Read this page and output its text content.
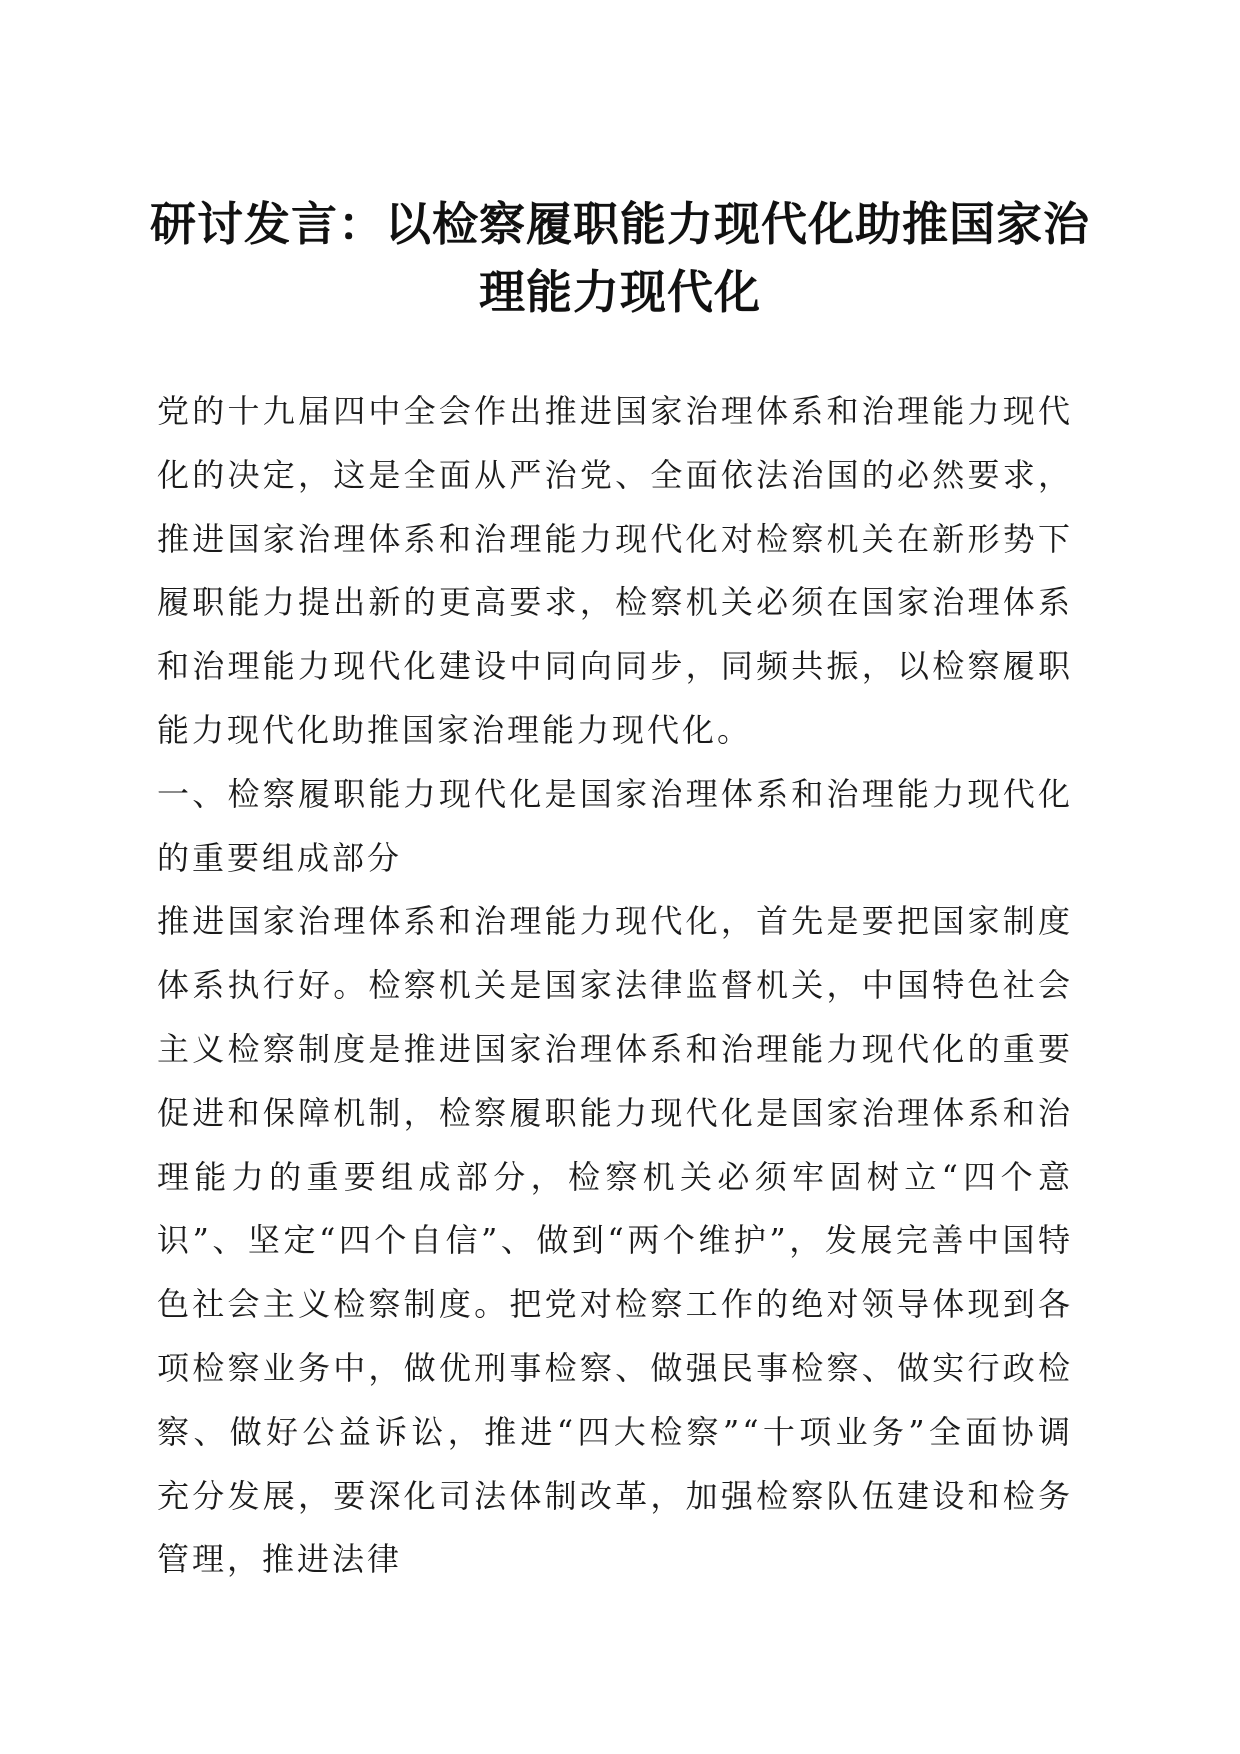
研讨发言：以检察履职能力现代化助推国家治理能力现代化

党的十九届四中全会作出推进国家治理体系和治理能力现代化的决定，这是全面从严治党、全面依法治国的必然要求，推进国家治理体系和治理能力现代化对检察机关在新形势下履职能力提出新的更高要求，检察机关必须在国家治理体系和治理能力现代化建设中同向同步，同频共振，以检察履职能力现代化助推国家治理能力现代化。

一、检察履职能力现代化是国家治理体系和治理能力现代化的重要组成部分

推进国家治理体系和治理能力现代化，首先是要把国家制度体系执行好。检察机关是国家法律监督机关，中国特色社会主义检察制度是推进国家治理体系和治理能力现代化的重要促进和保障机制，检察履职能力现代化是国家治理体系和治理能力的重要组成部分，检察机关必须牢固树立“四个意识”、坚定“四个自信”、做到“两个维护”，发展完善中国特色社会主义检察制度。把党对检察工作的绝对领导体现到各项检察业务中，做优刑事检察、做强民事检察、做实行政检察、做好公益诉讼，推进“四大检察”“十项业务”全面协调充分发展，要深化司法体制改革，加强检察队伍建设和检务管理，推进法律
